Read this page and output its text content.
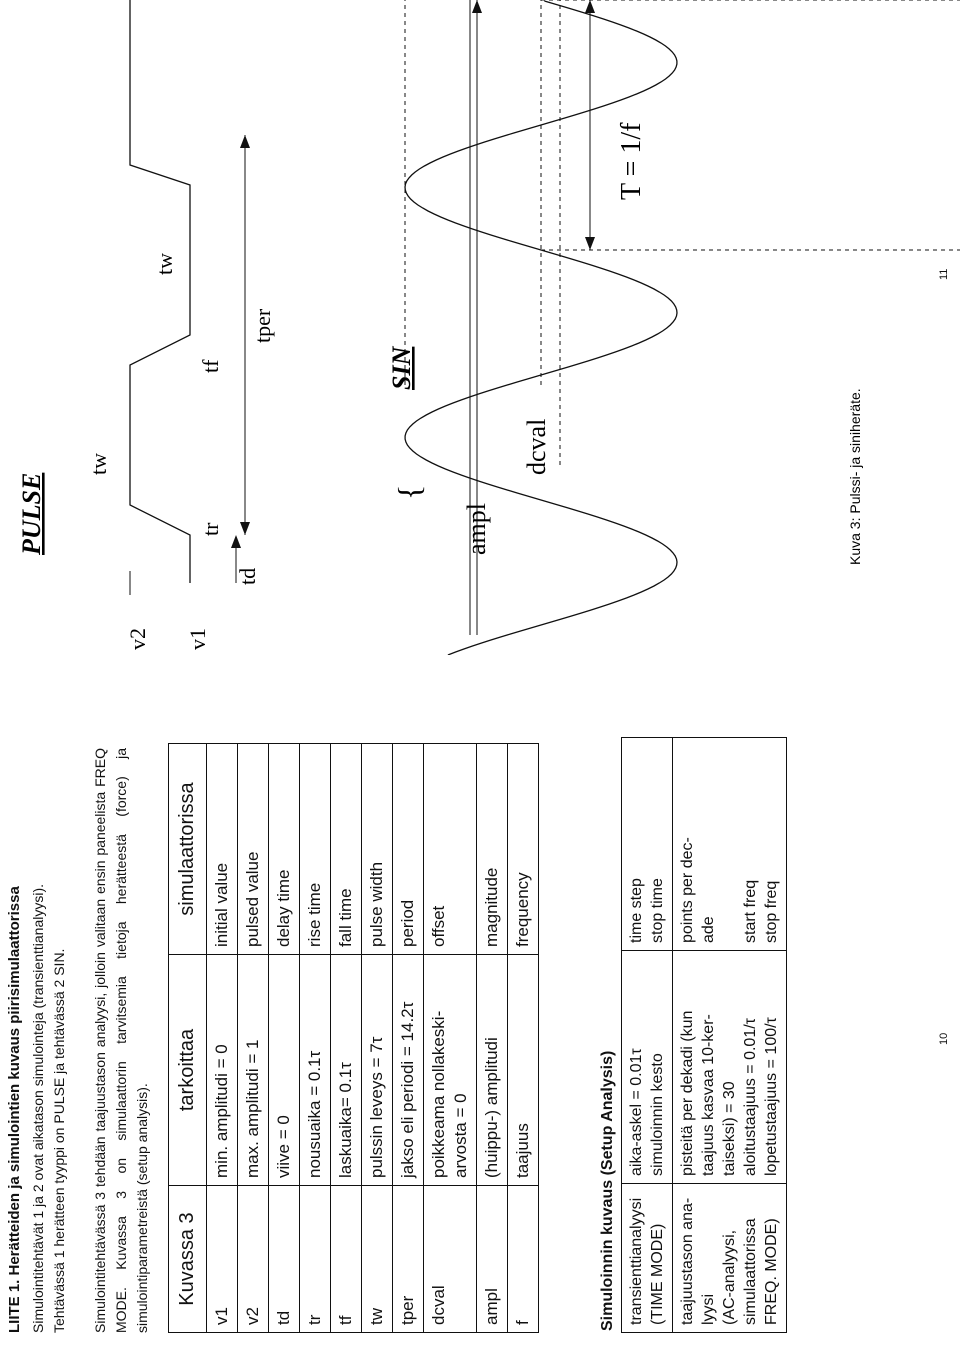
LIITE 1. Herätteiden ja simulointien kuvaus piirisimulaattorissa Simulointitehtävät 1 ja 2 ovat aikatason simulointeja (transienttianalyysi). Tehtävässä 1 herätteen tyyppi on PULSE ja tehtävässä 2 SIN. Simulointitehtävässä 3 tehdään taajuustason analyysi, jolloin valitaan ensin paneelista FREQ MODE. Kuvassa 3 on simulaattorin tarvitsemia tietoja herätteestä (force) ja simulointiparametreistä (setup analysis). Kuvassa 3	tarkoittaa	simulaattorissa
v1	min. amplitudi = 0	initial value
v2	max. amplitudi = 1	pulsed value
td	viive = 0	delay time
tr	nousuaika = 0.1τ	rise time
tf	laskuaika= 0.1τ	fall time
tw	pulssin leveys = 7τ	pulse width
tper	jakso eli periodi = 14.2τ	period
dcval	poikkeama nollakeski- arvosta = 0	offset
ampl	(huippu-) amplitudi	magnitude
f	taajuus	frequency
Simuloinnin kuvaus (Setup Analysis) transienttianalyysi (TIME MODE)	aika-askel = 0.01τ simuloinnin kesto	time step stop time
taajuustason ana- lyysi (AC-analyysi, simulaattorissa FREQ. MODE)	pisteitä per dekadi (kun taajuus kasvaa 10-ker- taiseksi) = 30 aloitustaajuus = 0.01/τ lopetustaajuus = 100/τ	points per dec- ade start freq stop freq
10
11
PULSE
v2 v1
tr
tw
tf
tw
td
tper
SIN
{
ampl
dcval
T = 1/f
Kuva 3: Pulssi- ja siniheräte.
